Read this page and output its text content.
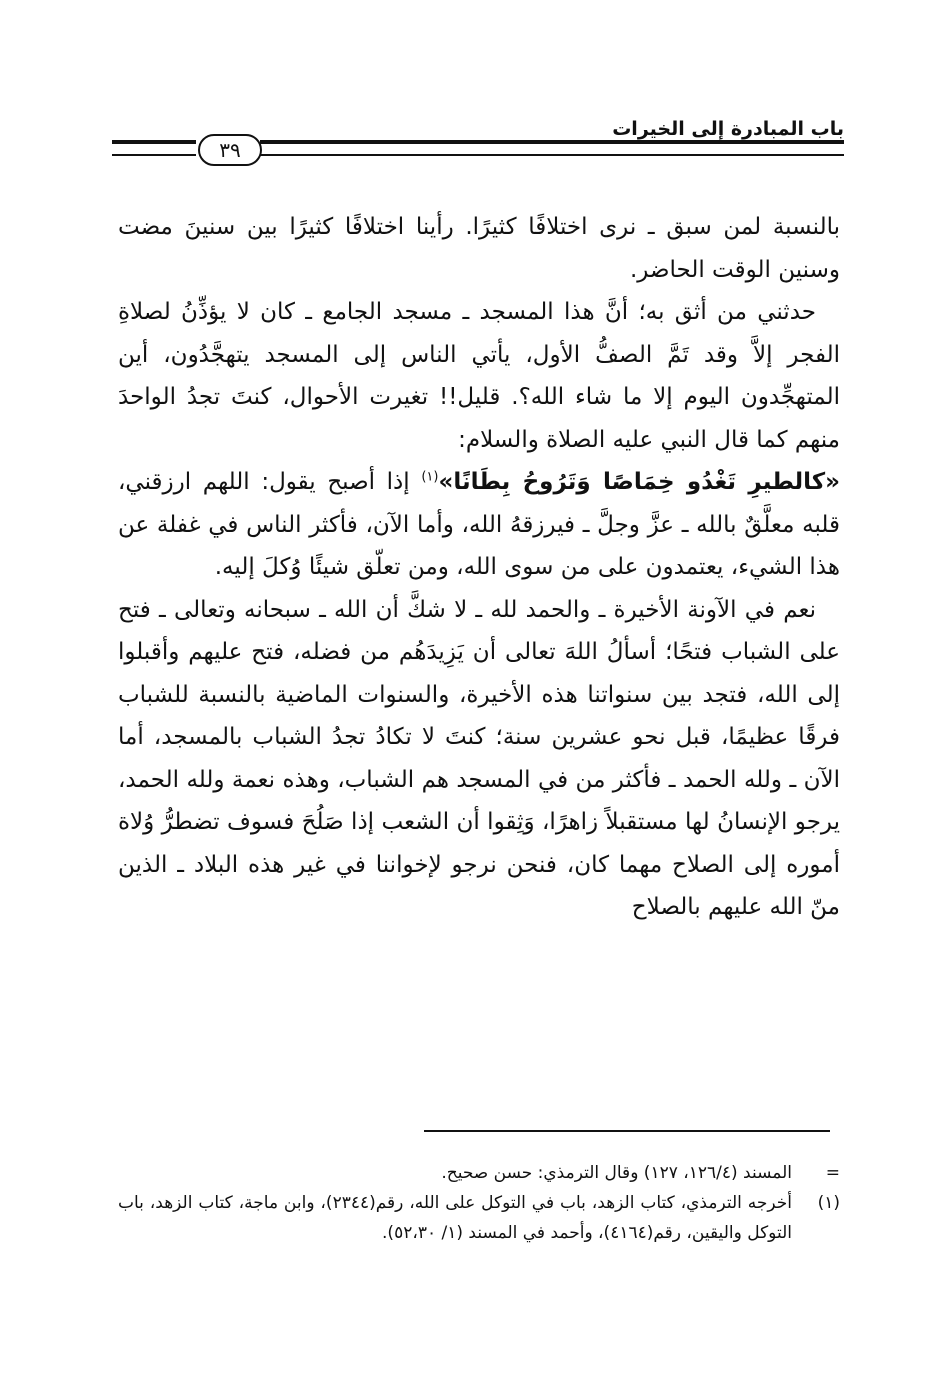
باب المبادرة إلى الخيرات
٣٩

بالنسبة لمن سبق ـ نرى اختلافًا كثيرًا. رأينا اختلافًا كثيرًا بين سنينَ مضت وسنين الوقت الحاضر.

حدثني من أثق به؛ أنَّ هذا المسجد ـ مسجد الجامع ـ كان لا يؤذِّنُ لصلاةِ الفجر إلاَّ وقد تَمَّ الصفُّ الأول، يأتي الناس إلى المسجد يتهجَّدُون، أين المتهجِّدون اليوم إلا ما شاء الله؟. قليل!! تغيرت الأحوال، كنتَ تجدُ الواحدَ منهم كما قال النبي عليه الصلاة والسلام:
«كالطيرِ تَغْدُو خِمَاصًا وَتَرُوحُ بِطَانًا»$^{(١)}$ إذا أصبح يقول: اللهم ارزقني، قلبه معلَّقٌ بالله ـ عزَّ وجلَّ ـ فيرزقهُ الله، وأما الآن، فأكثر الناس في غفلة عن هذا الشيء، يعتمدون على من سوى الله، ومن تعلّق شيئًا وُكلَ إليه.

نعم في الآونة الأخيرة ـ والحمد لله ـ لا شكَّ أن الله ـ سبحانه وتعالى ـ فتح على الشباب فتحًا؛ أسألُ اللهَ تعالى أن يَزِيدَهُم من فضله، فتح عليهم وأقبلوا إلى الله، فتجد بين سنواتنا هذه الأخيرة، والسنوات الماضية بالنسبة للشباب فرقًا عظيمًا، قبل نحو عشرين سنة؛ كنتَ لا تكادُ تجدُ الشباب بالمسجد، أما الآن ـ ولله الحمد ـ فأكثر من في المسجد هم الشباب، وهذه نعمة ولله الحمد، يرجو الإنسانُ لها مستقبلاً زاهرًا، وَثِقوا أن الشعب إذا صَلُحَ فسوف تضطرُّ وُلاة أموره إلى الصلاح مهما كان، فنحن نرجو لإخواننا في غير هذه البلاد ـ الذين منّ الله عليهم بالصلاح

=
المسند (١٢٦/٤، ١٢٧) وقال الترمذي: حسن صحيح.

(١)
أخرجه الترمذي، كتاب الزهد، باب في التوكل على الله، رقم(٢٣٤٤)، وابن ماجة، كتاب الزهد، باب التوكل واليقين، رقم(٤١٦٤)، وأحمد في المسند (١/ ٥٢،٣٠).
